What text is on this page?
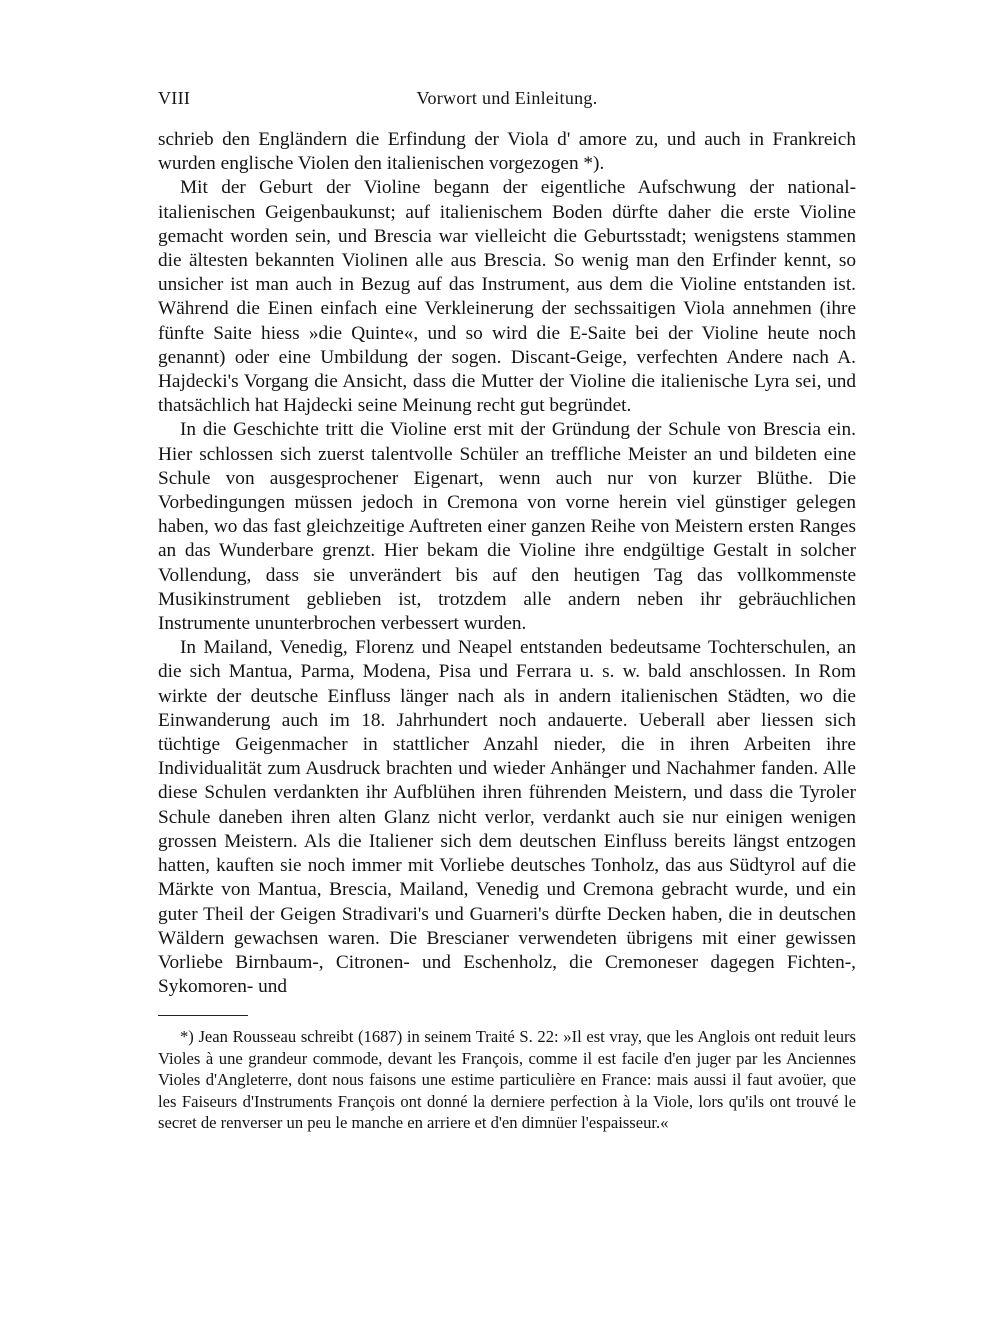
VIII	Vorwort und Einleitung.

schrieb den Engländern die Erfindung der Viola d' amore zu, und auch in Frankreich wurden englische Violen den italienischen vorgezogen *).

Mit der Geburt der Violine begann der eigentliche Aufschwung der national-italienischen Geigenbaukunst; auf italienischem Boden dürfte daher die erste Violine gemacht worden sein, und Brescia war vielleicht die Geburtsstadt; wenigstens stammen die ältesten bekannten Violinen alle aus Brescia. So wenig man den Erfinder kennt, so unsicher ist man auch in Bezug auf das Instrument, aus dem die Violine entstanden ist. Während die Einen einfach eine Verkleinerung der sechssaitigen Viola annehmen (ihre fünfte Saite hiess »die Quinte«, und so wird die E-Saite bei der Violine heute noch genannt) oder eine Umbildung der sogen. Discant-Geige, verfechten Andere nach A. Hajdecki's Vorgang die Ansicht, dass die Mutter der Violine die italienische Lyra sei, und thatsächlich hat Hajdecki seine Meinung recht gut begründet.

In die Geschichte tritt die Violine erst mit der Gründung der Schule von Brescia ein. Hier schlossen sich zuerst talentvolle Schüler an treffliche Meister an und bildeten eine Schule von ausgesprochener Eigenart, wenn auch nur von kurzer Blüthe. Die Vorbedingungen müssen jedoch in Cremona von vorne herein viel günstiger gelegen haben, wo das fast gleichzeitige Auftreten einer ganzen Reihe von Meistern ersten Ranges an das Wunderbare grenzt. Hier bekam die Violine ihre endgültige Gestalt in solcher Vollendung, dass sie unverändert bis auf den heutigen Tag das vollkommenste Musikinstrument geblieben ist, trotzdem alle andern neben ihr gebräuchlichen Instrumente ununterbrochen verbessert wurden.

In Mailand, Venedig, Florenz und Neapel entstanden bedeutsame Tochterschulen, an die sich Mantua, Parma, Modena, Pisa und Ferrara u. s. w. bald anschlossen. In Rom wirkte der deutsche Einfluss länger nach als in andern italienischen Städten, wo die Einwanderung auch im 18. Jahrhundert noch andauerte. Ueberall aber liessen sich tüchtige Geigenmacher in stattlicher Anzahl nieder, die in ihren Arbeiten ihre Individualität zum Ausdruck brachten und wieder Anhänger und Nachahmer fanden. Alle diese Schulen verdankten ihr Aufblühen ihren führenden Meistern, und dass die Tyroler Schule daneben ihren alten Glanz nicht verlor, verdankt auch sie nur einigen wenigen grossen Meistern. Als die Italiener sich dem deutschen Einfluss bereits längst entzogen hatten, kauften sie noch immer mit Vorliebe deutsches Tonholz, das aus Südtyrol auf die Märkte von Mantua, Brescia, Mailand, Venedig und Cremona gebracht wurde, und ein guter Theil der Geigen Stradivari's und Guarneri's dürfte Decken haben, die in deutschen Wäldern gewachsen waren. Die Brescianer verwendeten übrigens mit einer gewissen Vorliebe Birnbaum-, Citronen- und Eschenholz, die Cremoneser dagegen Fichten-, Sykomoren- und

*) Jean Rousseau schreibt (1687) in seinem Traité S. 22: »Il est vray, que les Anglois ont reduit leurs Violes à une grandeur commode, devant les François, comme il est facile d'en juger par les Anciennes Violes d'Angleterre, dont nous faisons une estime particulière en France: mais aussi il faut avoüer, que les Faiseurs d'Instruments François ont donné la derniere perfection à la Viole, lors qu'ils ont trouvé le secret de renverser un peu le manche en arriere et d'en dimnüer l'espaisseur.«
